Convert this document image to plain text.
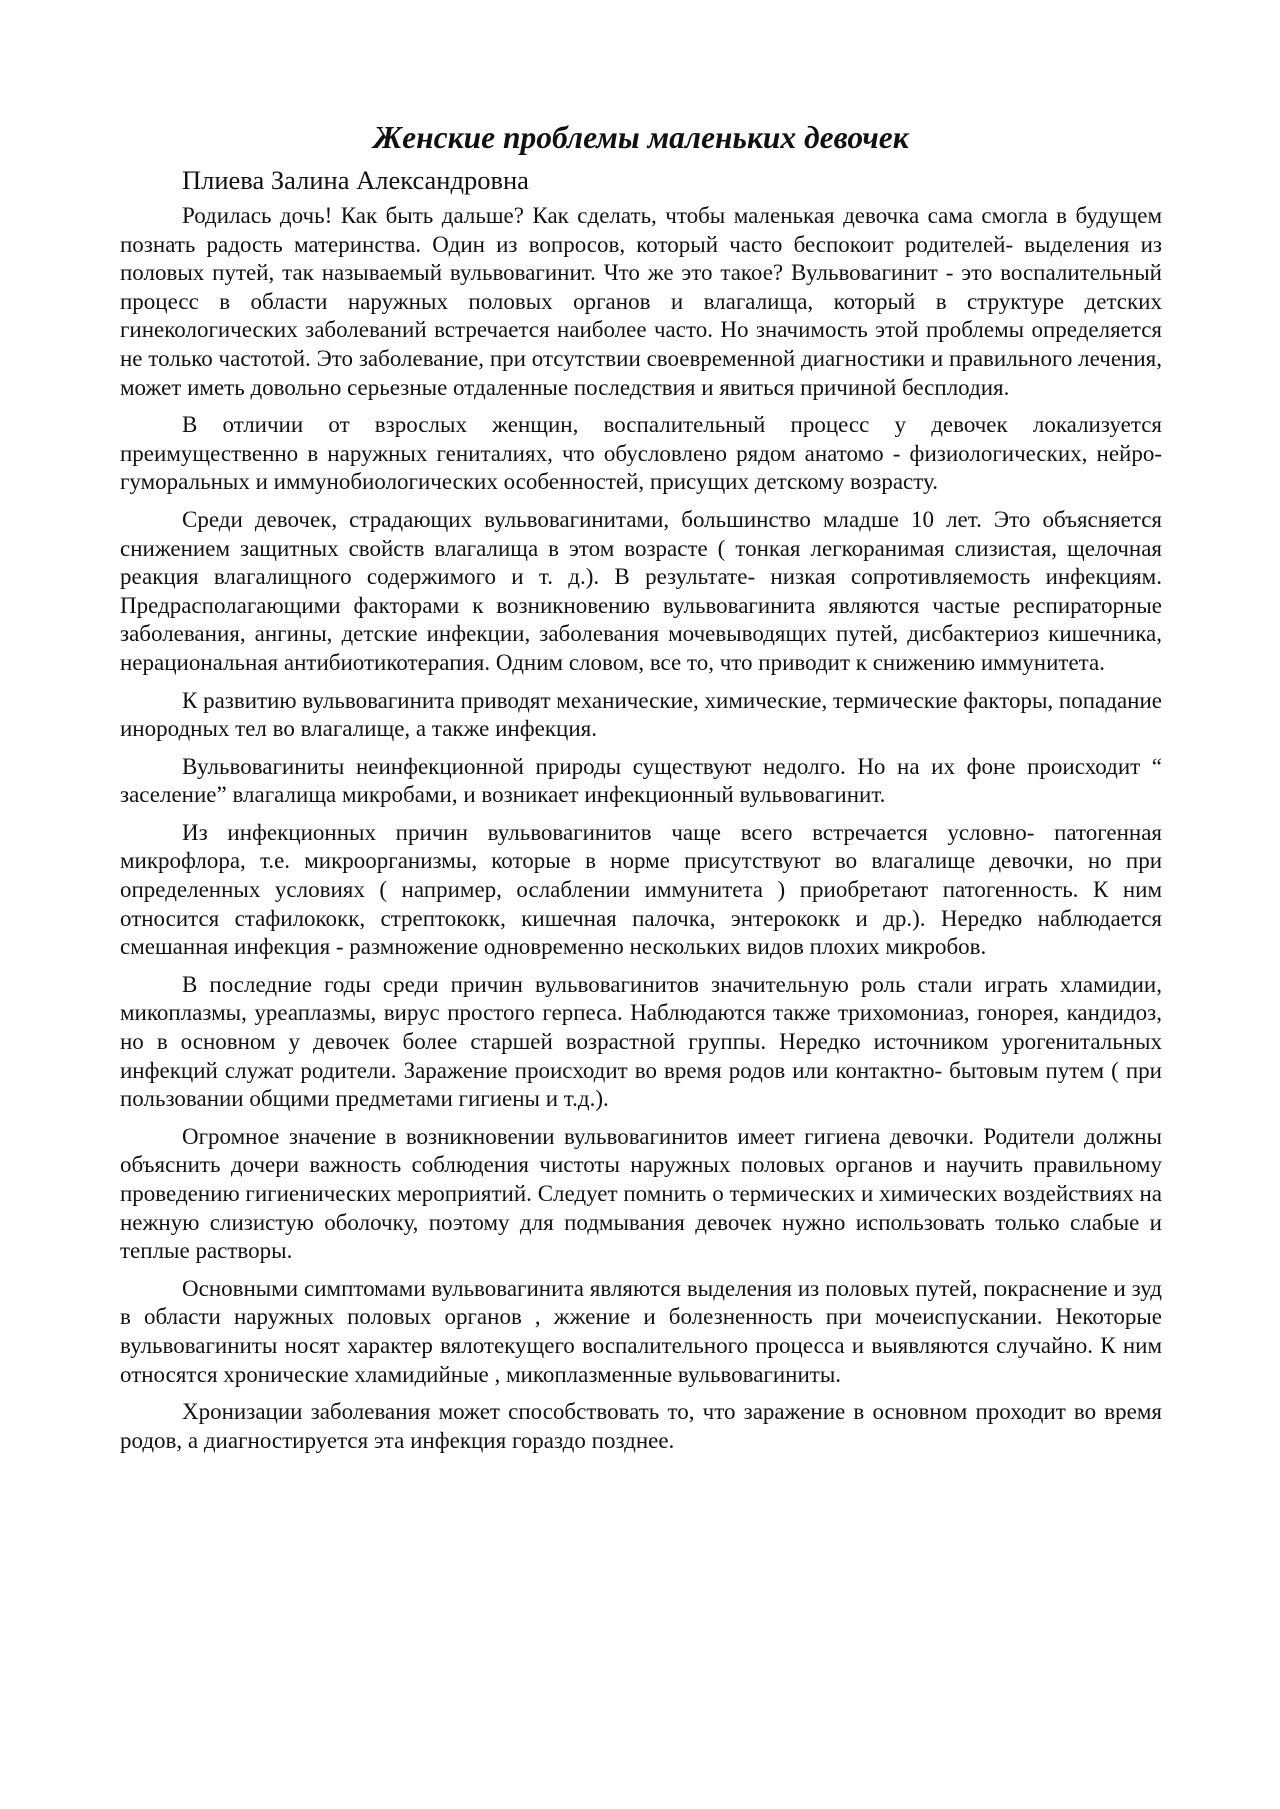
Женские проблемы маленьких девочек
Плиева Залина Александровна

Родилась дочь! Как быть дальше? Как сделать, чтобы маленькая девочка сама смогла в будущем познать радость материнства. Один из вопросов, который часто беспокоит родителей- выделения из половых путей, так называемый вульвовагинит. Что же это такое? Вульвовагинит - это воспалительный процесс в области наружных половых органов и влагалища, который в структуре детских гинекологических заболеваний встречается наиболее часто. Но значимость этой проблемы определяется не только частотой. Это заболевание, при отсутствии своевременной диагностики и правильного лечения, может иметь довольно серьезные отдаленные последствия и явиться причиной бесплодия.

В отличии от взрослых женщин, воспалительный процесс у девочек локализуется преимущественно в наружных гениталиях, что обусловлено рядом анатомо - физиологических, нейро-гуморальных и иммунобиологических особенностей, присущих детскому возрасту.

Среди девочек, страдающих вульвовагинитами, большинство младше 10 лет. Это объясняется снижением защитных свойств влагалища в этом возрасте ( тонкая легкоранимая слизистая, щелочная реакция влагалищного содержимого и т. д.). В результате- низкая сопротивляемость инфекциям. Предрасполагающими факторами к возникновению вульвовагинита являются частые респираторные заболевания, ангины, детские инфекции, заболевания мочевыводящих путей, дисбактериоз кишечника, нерациональная антибиотикотерапия. Одним словом, все то, что приводит к снижению иммунитета.

К развитию вульвовагинита приводят механические, химические, термические факторы, попадание инородных тел во влагалище, а также инфекция.

Вульвовагиниты неинфекционной природы существуют недолго. Но на их фоне происходит “ заселение” влагалища микробами, и возникает инфекционный вульвовагинит.

Из инфекционных причин вульвовагинитов чаще всего встречается условно- патогенная микрофлора, т.е. микроорганизмы, которые в норме присутствуют во влагалище девочки, но при определенных условиях ( например, ослаблении иммунитета ) приобретают патогенность. К ним относится стафилококк, стрептококк, кишечная палочка, энтерококк и др.). Нередко наблюдается смешанная инфекция - размножение одновременно нескольких видов плохих микробов.

В последние годы среди причин вульвовагинитов значительную роль стали играть хламидии, микоплазмы, уреаплазмы, вирус простого герпеса. Наблюдаются также трихомониаз, гонорея, кандидоз, но в основном у девочек более старшей возрастной группы. Нередко источником урогенитальных инфекций служат родители. Заражение происходит во время родов или контактно- бытовым путем ( при пользовании общими предметами гигиены и т.д.).

Огромное значение в возникновении вульвовагинитов имеет гигиена девочки. Родители должны объяснить дочери важность соблюдения чистоты наружных половых органов и научить правильному проведению гигиенических мероприятий. Следует помнить о термических и химических воздействиях на нежную слизистую оболочку, поэтому для подмывания девочек нужно использовать только слабые и теплые растворы.

Основными симптомами вульвовагинита являются выделения из половых путей, покраснение и зуд в области наружных половых органов , жжение и болезненность при мочеиспускании. Некоторые вульвовагиниты носят характер вялотекущего воспалительного процесса и выявляются случайно. К ним относятся хронические хламидийные , микоплазменные вульвовагиниты.

Хронизации заболевания может способствовать то, что заражение в основном проходит во время родов, а диагностируется эта инфекция гораздо позднее.
